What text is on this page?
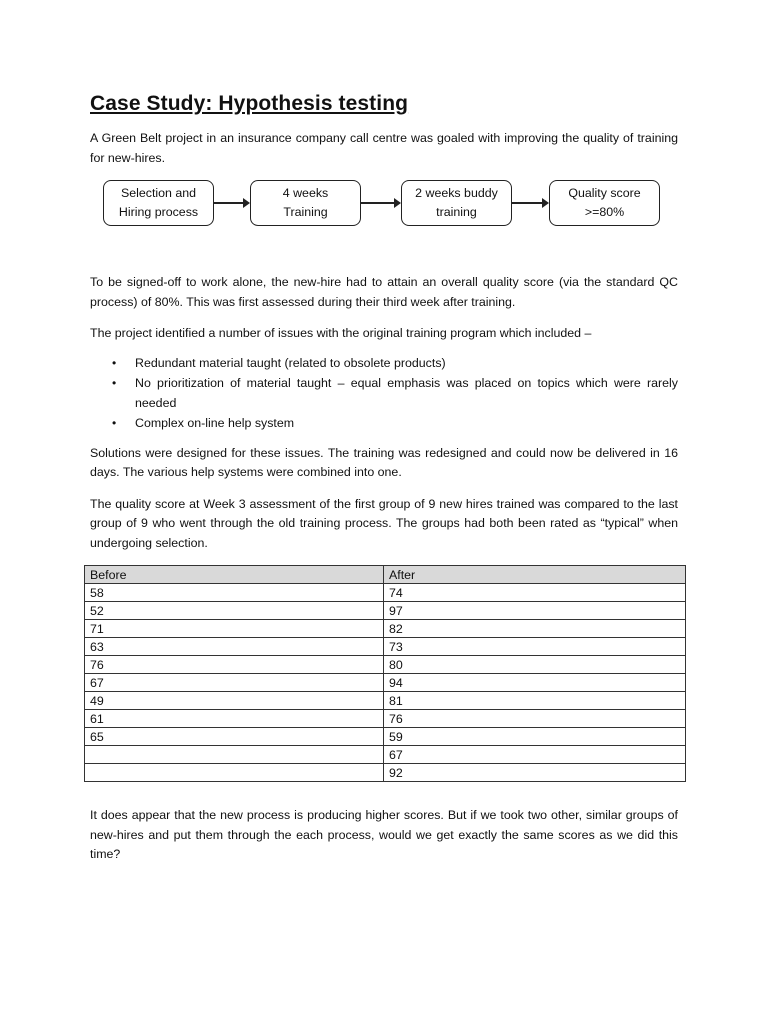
Case Study: Hypothesis testing

A Green Belt project in an insurance company call centre was goaled with improving the quality of training for new-hires.

Selection and
Hiring process
4 weeks
Training
2 weeks buddy
training
Quality score
>=80%

To be signed-off to work alone, the new-hire had to attain an overall quality score (via the standard QC process) of 80%. This was first assessed during their third week after training.

The project identified a number of issues with the original training program which included –

• Redundant material taught (related to obsolete products)
• No prioritization of material taught – equal emphasis was placed on topics which were rarely needed
• Complex on-line help system

Solutions were designed for these issues. The training was redesigned and could now be delivered in 16 days. The various help systems were combined into one.

The quality score at Week 3 assessment of the first group of 9 new hires trained was compared to the last group of 9 who went through the old training process. The groups had both been rated as “typical” when undergoing selection.

Before	After
58	74
52	97
71	82
63	73
76	80
67	94
49	81
61	76
65	59
	67
	92

It does appear that the new process is producing higher scores. But if we took two other, similar groups of new-hires and put them through the each process, would we get exactly the same scores as we did this time?
